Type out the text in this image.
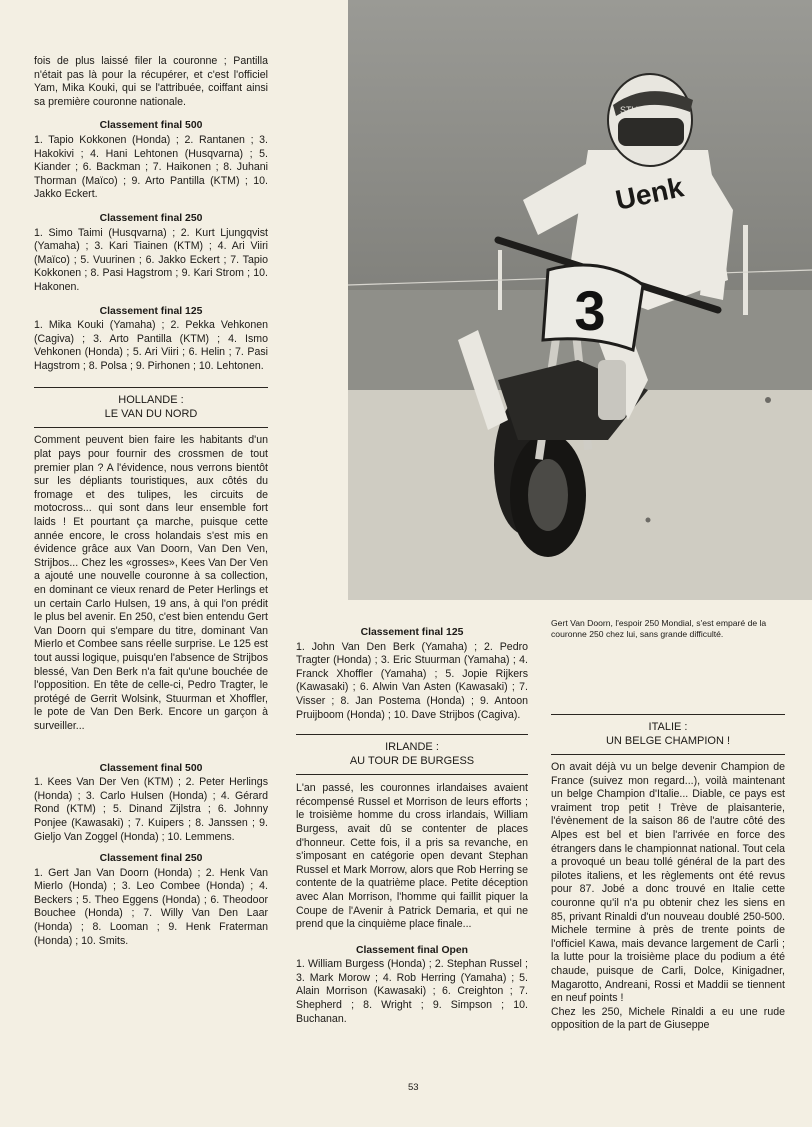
fois de plus laissé filer la couronne ; Pantilla n'était pas là pour la récupérer, et c'est l'officiel Yam, Mika Kouki, qui se l'attribuée, coiffant ainsi sa première couronne nationale.

Classement final 500

1. Tapio Kokkonen (Honda) ; 2. Rantanen ; 3. Hakokivi ; 4. Hani Lehtonen (Husqvarna) ; 5. Kiander ; 6. Backman ; 7. Haikonen ; 8. Juhani Thorman (Maïco) ; 9. Arto Pantilla (KTM) ; 10. Jakko Eckert.

Classement final 250

1. Simo Taimi (Husqvarna) ; 2. Kurt Ljungqvist (Yamaha) ; 3. Kari Tiainen (KTM) ; 4. Ari Viiri (Maïco) ; 5. Vuurinen ; 6. Jakko Eckert ; 7. Tapio Kokkonen ; 8. Pasi Hagstrom ; 9. Kari Strom ; 10. Hakonen.

Classement final 125

1. Mika Kouki (Yamaha) ; 2. Pekka Vehkonen (Cagiva) ; 3. Arto Pantilla (KTM) ; 4. Ismo Vehkonen (Honda) ; 5. Ari Viiri ; 6. Helin ; 7. Pasi Hagstrom ; 8. Polsa ; 9. Pirhonen ; 10. Lehtonen.

HOLLANDE :
LE VAN DU NORD

Comment peuvent bien faire les habitants d'un plat pays pour fournir des crossmen de tout premier plan ? A l'évidence, nous verrons bientôt sur les dépliants touristiques, aux côtés du fromage et des tulipes, les circuits de motocross... qui sont dans leur ensemble fort laids ! Et pourtant ça marche, puisque cette année encore, le cross holandais s'est mis en évidence grâce aux Van Doorn, Van Den Ven, Strijbos... Chez les «grosses», Kees Van Der Ven a ajouté une nouvelle couronne à sa collection, en dominant ce vieux renard de Peter Herlings et un certain Carlo Hulsen, 19 ans, à qui l'on prédit le plus bel avenir. En 250, c'est bien entendu Gert Van Doorn qui s'empare du titre, dominant Van Mierlo et Combee sans réelle surprise. Le 125 est tout aussi logique, puisqu'en l'absence de Strijbos blessé, Van Den Berk n'a fait qu'une bouchée de l'opposition. En tête de celle-ci, Pedro Tragter, le protégé de Gerrit Wolsink, Stuurman et Xhoffler, le pote de Van Den Berk. Encore un garçon à surveiller...

Classement final 500

1. Kees Van Der Ven (KTM) ; 2. Peter Herlings (Honda) ; 3. Carlo Hulsen (Honda) ; 4. Gérard Rond (KTM) ; 5. Dinand Zijlstra ; 6. Johnny Ponjee (Kawasaki) ; 7. Kuipers ; 8. Janssen ; 9. Gieljo Van Zoggel (Honda) ; 10. Lemmens.

Classement final 250

1. Gert Jan Van Doorn (Honda) ; 2. Henk Van Mierlo (Honda) ; 3. Leo Combee (Honda) ; 4. Beckers ; 5. Theo Eggens (Honda) ; 6. Theodoor Bouchee (Honda) ; 7. Willy Van Den Laar (Honda) ; 8. Looman ; 9. Henk Fraterman (Honda) ; 10. Smits.

3
Uenk
STUURKE
Classement final 125

1. John Van Den Berk (Yamaha) ; 2. Pedro Tragter (Honda) ; 3. Eric Stuurman (Yamaha) ; 4. Franck Xhoffler (Yamaha) ; 5. Jopie Rijkers (Kawasaki) ; 6. Alwin Van Asten (Kawasaki) ; 7. Visser ; 8. Jan Postema (Honda) ; 9. Antoon Pruijboom (Honda) ; 10. Dave Strijbos (Cagiva).

IRLANDE :
AU TOUR DE BURGESS

L'an passé, les couronnes irlandaises avaient récompensé Russel et Morrison de leurs efforts ; le troisième homme du cross irlandais, William Burgess, avait dû se contenter de places d'honneur. Cette fois, il a pris sa revanche, en s'imposant en catégorie open devant Stephan Russel et Mark Morrow, alors que Rob Herring se contente de la quatrième place. Petite déception avec Alan Morrison, l'homme qui faillit piquer la Coupe de l'Avenir à Patrick Demaria, et qui ne prend que la cinquième place finale...

Classement final Open

1. William Burgess (Honda) ; 2. Stephan Russel ; 3. Mark Morow ; 4. Rob Herring (Yamaha) ; 5. Alain Morrison (Kawasaki) ; 6. Creighton ; 7. Shepherd ; 8. Wright ; 9. Simpson ; 10. Buchanan.

Gert Van Doorn, l'espoir 250 Mondial, s'est emparé de la couronne 250 chez lui, sans grande difficulté.
ITALIE :
UN BELGE CHAMPION !

On avait déjà vu un belge devenir Champion de France (suivez mon regard...), voilà maintenant un belge Champion d'Italie... Diable, ce pays est vraiment trop petit ! Trève de plaisanterie, l'évènement de la saison 86 de l'autre côté des Alpes est bel et bien l'arrivée en force des étrangers dans le championnat national. Tout cela a provoqué un beau tollé général de la part des pilotes italiens, et les règlements ont été revus pour 87. Jobé a donc trouvé en Italie cette couronne qu'il n'a pu obtenir chez les siens en 85, privant Rinaldi d'un nouveau doublé 250-500. Michele termine à près de trente points de l'officiel Kawa, mais devance largement de Carli ; la lutte pour la troisième place du podium a été chaude, puisque de Carli, Dolce, Kinigadner, Magarotto, Andreani, Rossi et Maddii se tiennent en neuf points !

Chez les 250, Michele Rinaldi a eu une rude opposition de la part de Giuseppe

53
